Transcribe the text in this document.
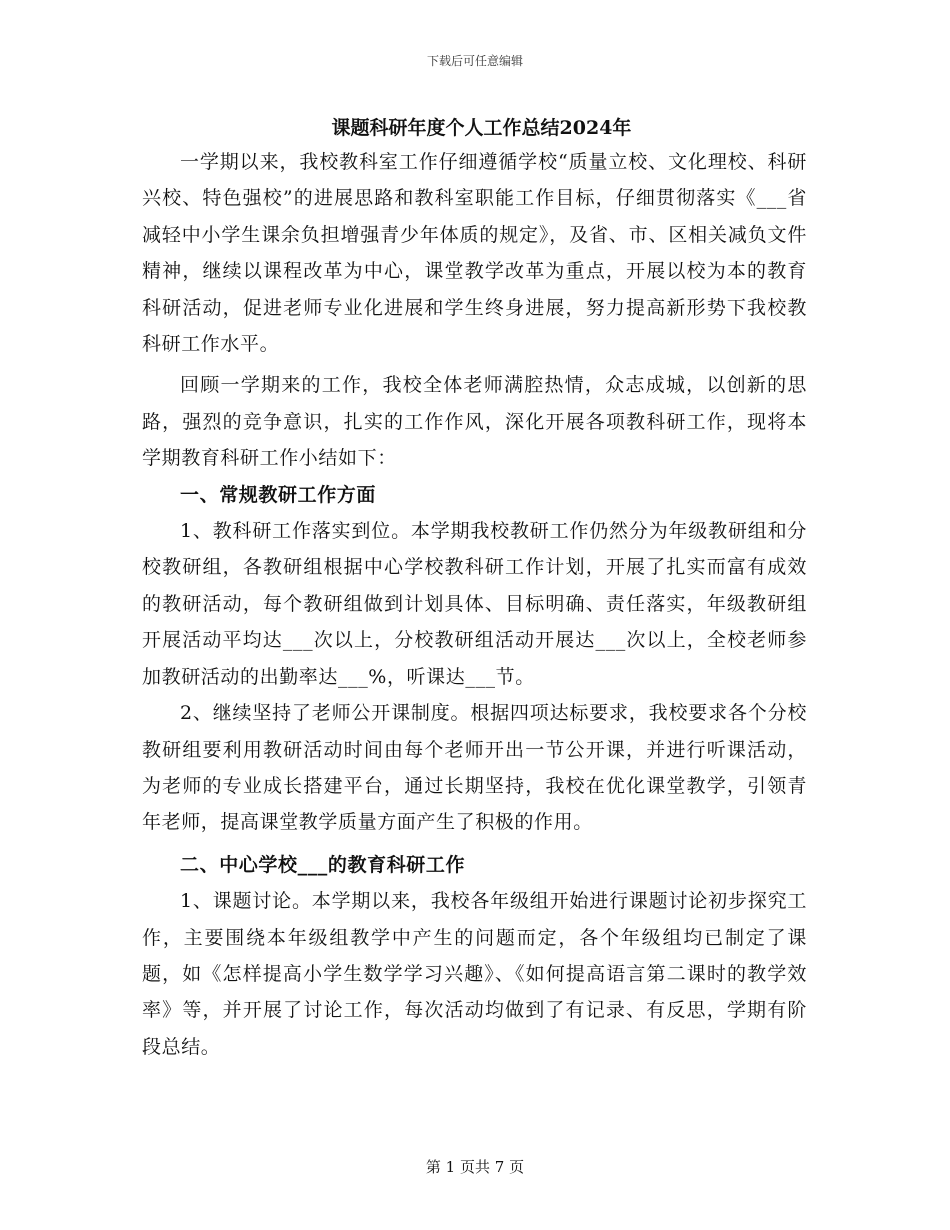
下载后可任意编辑
课题科研年度个人工作总结2024年

一学期以来，我校教科室工作仔细遵循学校“质量立校、文化理校、科研兴校、特色强校”的进展思路和教科室职能工作目标，仔细贯彻落实《___省减轻中小学生课余负担增强青少年体质的规定》，及省、市、区相关减负文件精神，继续以课程改革为中心，课堂教学改革为重点，开展以校为本的教育科研活动，促进老师专业化进展和学生终身进展，努力提高新形势下我校教科研工作水平。

回顾一学期来的工作，我校全体老师满腔热情，众志成城，以创新的思路，强烈的竞争意识，扎实的工作作风，深化开展各项教科研工作，现将本学期教育科研工作小结如下：

一、常规教研工作方面

1、教科研工作落实到位。本学期我校教研工作仍然分为年级教研组和分校教研组，各教研组根据中心学校教科研工作计划，开展了扎实而富有成效的教研活动，每个教研组做到计划具体、目标明确、责任落实，年级教研组开展活动平均达___次以上，分校教研组活动开展达___次以上，全校老师参加教研活动的出勤率达___%，听课达___节。

2、继续坚持了老师公开课制度。根据四项达标要求，我校要求各个分校教研组要利用教研活动时间由每个老师开出一节公开课，并进行听课活动，为老师的专业成长搭建平台，通过长期坚持，我校在优化课堂教学，引领青年老师，提高课堂教学质量方面产生了积极的作用。

二、中心学校___的教育科研工作

1、课题讨论。本学期以来，我校各年级组开始进行课题讨论初步探究工作，主要围绕本年级组教学中产生的问题而定，各个年级组均已制定了课题，如《怎样提高小学生数学学习兴趣》、《如何提高语言第二课时的教学效率》等，并开展了讨论工作，每次活动均做到了有记录、有反思，学期有阶段总结。

第 1 页共 7 页
